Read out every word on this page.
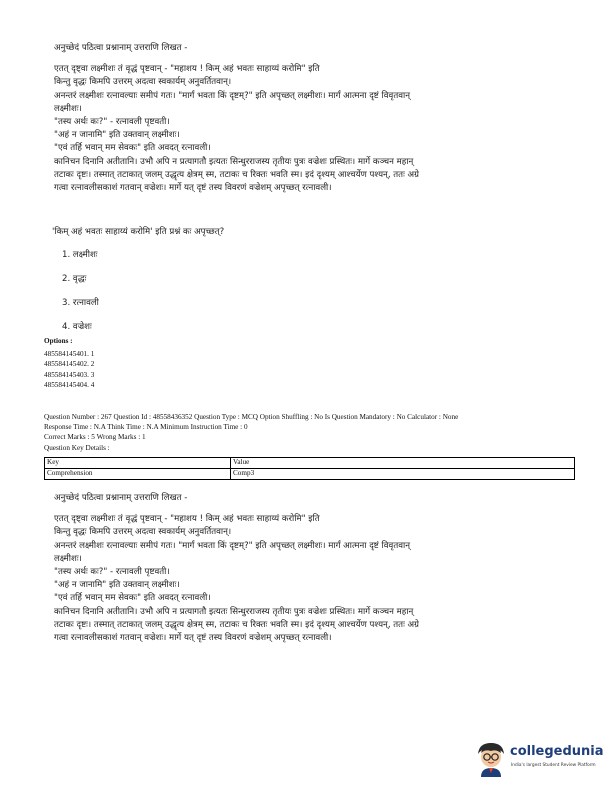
अनुच्छेदं पठित्वा प्रश्नानाम् उत्तराणि लिखत -

एतत् दृष्ट्वा लक्ष्मीशः तं वृद्धं पृष्टवान् - "महाशय ! किम् अहं भवतः साहाय्यं करोमि" इति

किन्तु वृद्धः किमपि उत्तरम् अदत्वा स्वकार्यम् अनुवर्तितवान्।

अनन्तरं लक्ष्मीशः रत्नावल्याः समीपं गतः। "मार्गं भवता किं दृष्टम्?" इति अपृच्छत् लक्ष्मीशः। मार्गं आत्मना दृष्टं विवृतवान्

लक्ष्मीशः।

"तस्य अर्थः कः?" - रत्नावली पृष्टवती।

"अहं न जानामि" इति उक्तवान् लक्ष्मीशः।

"एवं तर्हि भवान् मम सेवकः" इति अवदत् रत्नावली।

कानिचन दिनानि अतीतानि। उभौ अपि न प्रत्यागतौ इत्यतः सिन्धुरराजस्य तृतीयः पुत्रः वज्रेशः प्रस्थितः। मार्गे कञ्चन महान्

तटाकः दृष्टः। तस्मात् तटाकात् जलम् उद्धृत्य क्षेत्रम् स्म, तटाकः च रिक्तः भवति स्म। इदं दृश्यम् आश्चर्येण पश्यन्, ततः अग्रे

गत्वा रत्नावलीसकाशं गतवान् वज्रेशः। मार्गे यत् दृष्टं तस्य विवरणं वज्रेशम् अपृच्छत् रत्नावली।

'किम् अहं भवतः साहाय्यं करोमि' इति प्रश्नं कः अपृच्छत्?
1. लक्ष्मीशः
2. वृद्धः
3. रत्नावली
4. वज्रेशः
Options :
485584145401. 1
485584145402. 2
485584145403. 3
485584145404. 4
Question Number : 267 Question Id : 48558436352 Question Type : MCQ Option Shuffling : No Is Question Mandatory : No Calculator : None
Response Time : N.A Think Time : N.A Minimum Instruction Time : 0
Correct Marks : 5 Wrong Marks : 1
Question Key Details :
Key	Value
Comprehension	Comp3

अनुच्छेदं पठित्वा प्रश्नानाम् उत्तराणि लिखत -

एतत् दृष्ट्वा लक्ष्मीशः तं वृद्धं पृष्टवान् - "महाशय ! किम् अहं भवतः साहाय्यं करोमि" इति

किन्तु वृद्धः किमपि उत्तरम् अदत्वा स्वकार्यम् अनुवर्तितवान्।

अनन्तरं लक्ष्मीशः रत्नावल्याः समीपं गतः। "मार्गं भवता किं दृष्टम्?" इति अपृच्छत् लक्ष्मीशः। मार्गं आत्मना दृष्टं विवृतवान्

लक्ष्मीशः।

"तस्य अर्थः कः?" - रत्नावली पृष्टवती।

"अहं न जानामि" इति उक्तवान् लक्ष्मीशः।

"एवं तर्हि भवान् मम सेवकः" इति अवदत् रत्नावली।

कानिचन दिनानि अतीतानि। उभौ अपि न प्रत्यागतौ इत्यतः सिन्धुरराजस्य तृतीयः पुत्रः वज्रेशः प्रस्थितः। मार्गे कञ्चन महान्

तटाकः दृष्टः। तस्मात् तटाकात् जलम् उद्धृत्य क्षेत्रम् स्म, तटाकः च रिक्तः भवति स्म। इदं दृश्यम् आश्चर्येण पश्यन्, ततः अग्रे

गत्वा रत्नावलीसकाशं गतवान् वज्रेशः। मार्गे यत् दृष्टं तस्य विवरणं वज्रेशम् अपृच्छत् रत्नावली।

collegedunia
India's largest Student Review Platform
